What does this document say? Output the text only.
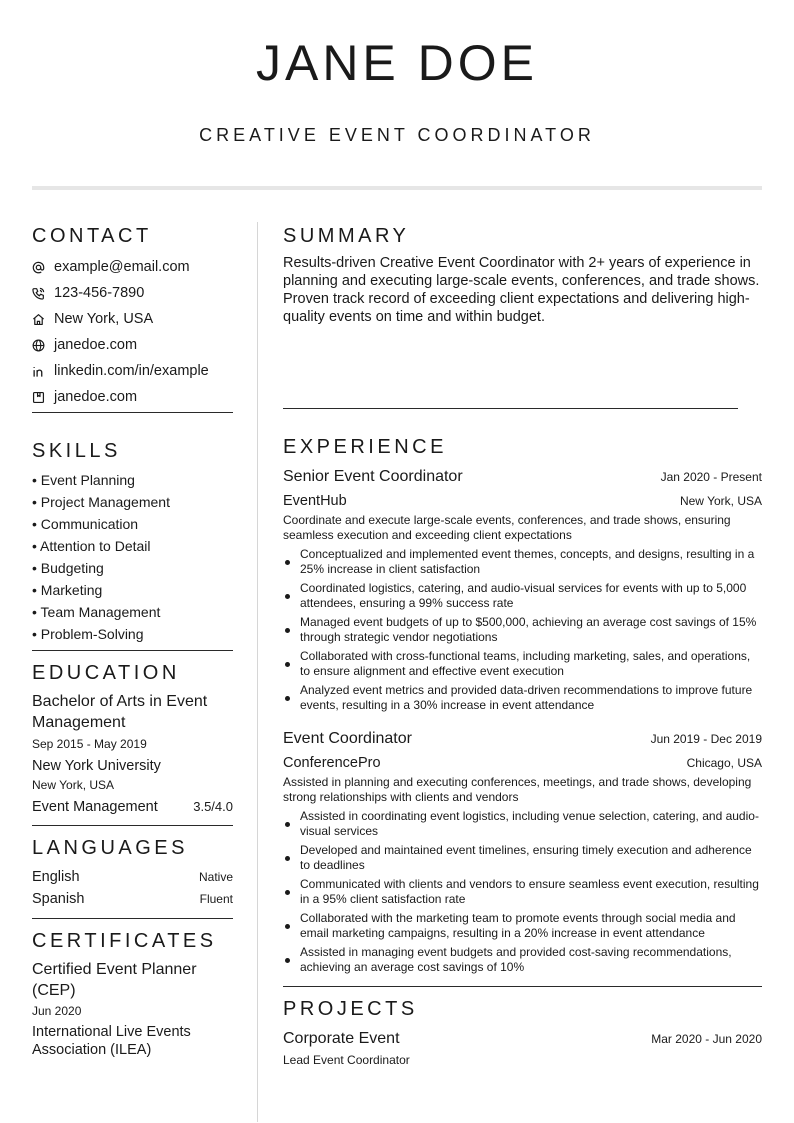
JANE DOE
CREATIVE EVENT COORDINATOR
CONTACT
example@email.com
123-456-7890
New York, USA
janedoe.com
linkedin.com/in/example
janedoe.com
SKILLS
• Event Planning
• Project Management
• Communication
• Attention to Detail
• Budgeting
• Marketing
• Team Management
• Problem-Solving
EDUCATION
Bachelor of Arts in Event Management
Sep 2015 - May 2019
New York University
New York, USA
Event Management	3.5/4.0
LANGUAGES
English	Native
Spanish	Fluent
CERTIFICATES
Certified Event Planner (CEP)
Jun 2020
International Live Events Association (ILEA)
SUMMARY
Results-driven Creative Event Coordinator with 2+ years of experience in planning and executing large-scale events, conferences, and trade shows. Proven track record of exceeding client expectations and delivering high-quality events on time and within budget.
EXPERIENCE
Senior Event Coordinator	Jan 2020 - Present
EventHub	New York, USA
Coordinate and execute large-scale events, conferences, and trade shows, ensuring seamless execution and exceeding client expectations
Conceptualized and implemented event themes, concepts, and designs, resulting in a 25% increase in client satisfaction
Coordinated logistics, catering, and audio-visual services for events with up to 5,000 attendees, ensuring a 99% success rate
Managed event budgets of up to $500,000, achieving an average cost savings of 15% through strategic vendor negotiations
Collaborated with cross-functional teams, including marketing, sales, and operations, to ensure alignment and effective event execution
Analyzed event metrics and provided data-driven recommendations to improve future events, resulting in a 30% increase in event attendance
Event Coordinator	Jun 2019 - Dec 2019
ConferencePro	Chicago, USA
Assisted in planning and executing conferences, meetings, and trade shows, developing strong relationships with clients and vendors
Assisted in coordinating event logistics, including venue selection, catering, and audio-visual services
Developed and maintained event timelines, ensuring timely execution and adherence to deadlines
Communicated with clients and vendors to ensure seamless event execution, resulting in a 95% client satisfaction rate
Collaborated with the marketing team to promote events through social media and email marketing campaigns, resulting in a 20% increase in event attendance
Assisted in managing event budgets and provided cost-saving recommendations, achieving an average cost savings of 10%
PROJECTS
Corporate Event	Mar 2020 - Jun 2020
Lead Event Coordinator
